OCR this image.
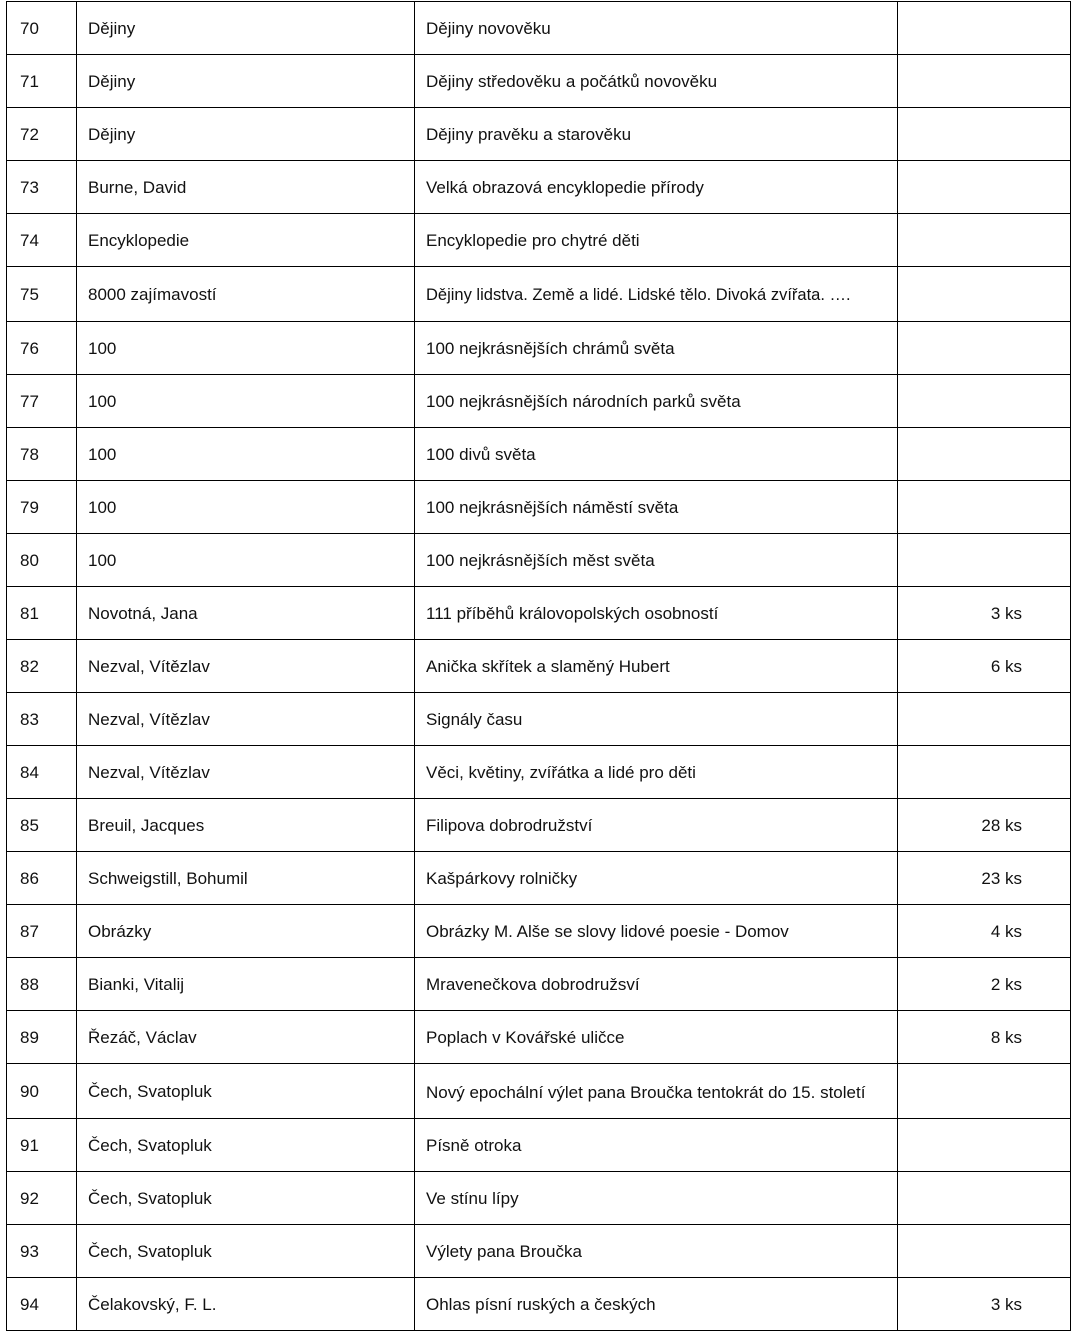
70	Dějiny	Dějiny novověku	
71	Dějiny	Dějiny středověku a počátků novověku	
72	Dějiny	Dějiny pravěku a starověku	
73	Burne, David	Velká obrazová encyklopedie přírody	
74	Encyklopedie	Encyklopedie pro chytré děti	
75	8000 zajímavostí	Dějiny lidstva. Země a lidé. Lidské tělo. Divoká zvířata. ….	
76	100	100 nejkrásnějších chrámů světa	
77	100	100 nejkrásnějších národních parků světa	
78	100	100 divů světa	
79	100	100 nejkrásnějších náměstí světa	
80	100	100 nejkrásnějších měst světa	
81	Novotná, Jana	111 příběhů královopolských osobností	3 ks
82	Nezval, Vítězlav	Anička skřítek a slaměný Hubert	6 ks
83	Nezval, Vítězlav	Signály času	
84	Nezval, Vítězlav	Věci, květiny, zvířátka a lidé pro děti	
85	Breuil, Jacques	Filipova dobrodružství	28 ks
86	Schweigstill, Bohumil	Kašpárkovy rolničky	23 ks
87	Obrázky	Obrázky M. Alše se slovy lidové poesie - Domov	4 ks
88	Bianki, Vitalij	Mravenečkova dobrodružsví	2 ks
89	Řezáč, Václav	Poplach v Kovářské uličce	8 ks
90	Čech, Svatopluk	Nový epochální výlet pana Broučka tentokrát do 15. století	
91	Čech, Svatopluk	Písně otroka	
92	Čech, Svatopluk	Ve stínu lípy	
93	Čech, Svatopluk	Výlety pana Broučka	
94	Čelakovský, F. L.	Ohlas písní ruských a českých	3 ks
